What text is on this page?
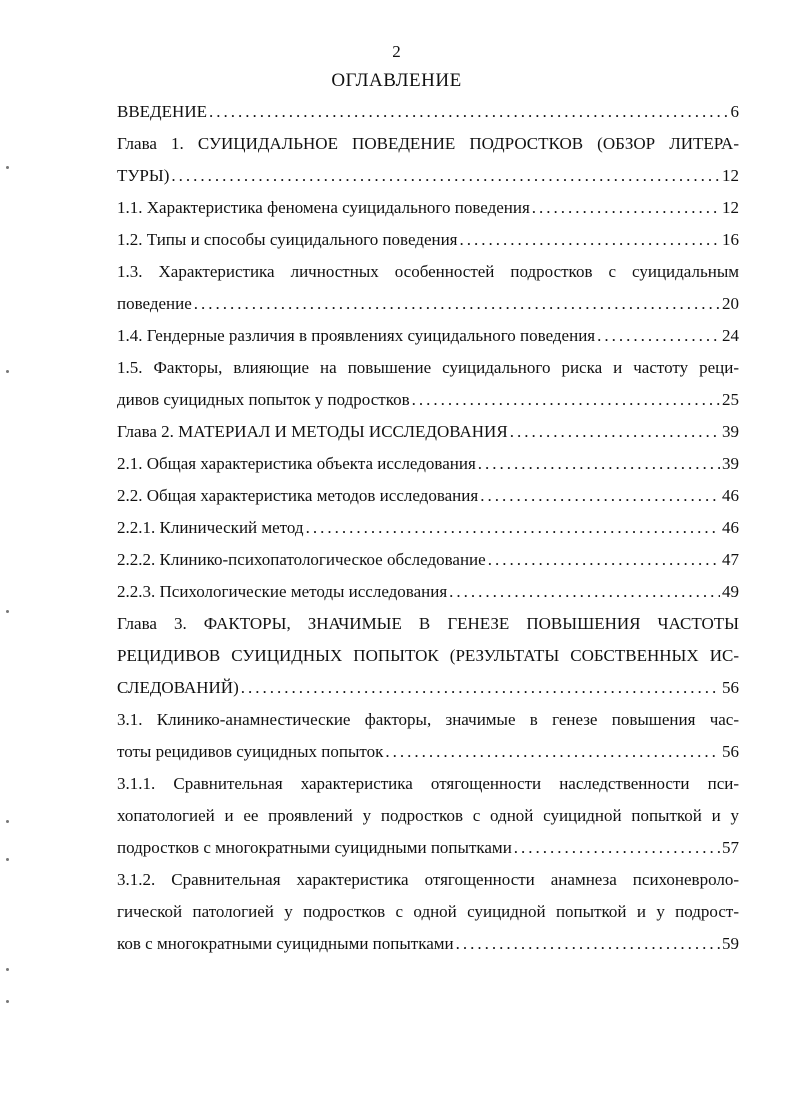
2
ОГЛАВЛЕНИЕ
ВВЕДЕНИЕ .....	6
Глава 1. СУИЦИДАЛЬНОЕ ПОВЕДЕНИЕ ПОДРОСТКОВ (ОБЗОР ЛИТЕРА-
ТУРЫ) .....	12
1.1. Характеристика феномена суицидального поведения .....	12
1.2. Типы и способы суицидального поведения .....	16
1.3. Характеристика личностных особенностей подростков с суицидальным
поведение .....	20
1.4. Гендерные различия в проявлениях суицидального поведения .....	24
1.5. Факторы, влияющие на повышение суицидального риска и частоту реци-
дивов суицидных попыток у подростков .....	25
Глава 2. МАТЕРИАЛ И МЕТОДЫ ИССЛЕДОВАНИЯ .....	39
2.1. Общая характеристика объекта исследования .....	39
2.2. Общая характеристика методов исследования .....	46
2.2.1. Клинический метод .....	46
2.2.2. Клинико-психопатологическое обследование .....	47
2.2.3. Психологические методы исследования .....	49
Глава 3. ФАКТОРЫ, ЗНАЧИМЫЕ В ГЕНЕЗЕ ПОВЫШЕНИЯ ЧАСТОТЫ
РЕЦИДИВОВ СУИЦИДНЫХ ПОПЫТОК (РЕЗУЛЬТАТЫ СОБСТВЕННЫХ ИС-
СЛЕДОВАНИЙ) .....	56
3.1. Клинико-анамнестические факторы, значимые в генезе повышения час-
тоты рецидивов суицидных попыток .....	56
3.1.1. Сравнительная характеристика отягощенности наследственности пси-
хопатологией и ее проявлений у подростков с одной суицидной попыткой и у
подростков с многократными суицидными попытками .....	57
3.1.2. Сравнительная характеристика отягощенности анамнеза психоневроло-
гической патологией у подростков с одной суицидной попыткой и у подрост-
ков с многократными суицидными попытками .....	59
